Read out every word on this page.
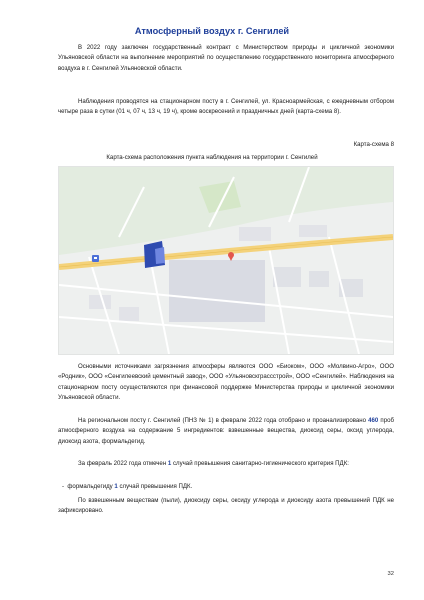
Атмосферный воздух г. Сенгилей

В 2022 году заключен государственный контракт с Министерством природы и цикличной экономики Ульяновской области на выполнение мероприятий по осуществлению государственного мониторинга атмосферного воздуха в г. Сенгилей Ульяновской области.

Наблюдения проводятся на стационарном посту в г. Сенгилей, ул. Красноармейская, с ежедневным отбором четыре раза в сутки (01 ч, 07 ч, 13 ч, 19 ч), кроме воскресений и праздничных дней (карта-схема 8).

Карта-схема 8
Карта-схема расположения пункта наблюдения на территории г. Сенгилей

Основными источниками загрязнения атмосферы являются ООО «Биоком», ООО «Молвино-Агро», ООО «Родник», ООО «Сенгилеевский цементный завод», ООО «Ульяновскграссстрой», ООО «Сенгилей». Наблюдения на стационарном посту осуществляются при финансовой поддержке Министерства природы и цикличной экономики Ульяновской области.

На региональном посту г. Сенгилей (ПНЗ № 1) в феврале 2022 года отобрано и проанализировано 460 проб атмосферного воздуха на содержание 5 ингредиентов: взвешенные вещества, диоксид серы, оксид углерода, диоксид азота, формальдегид.

За февраль 2022 года отмечен 1 случай превышения санитарно-гигиенического критерия ПДК:

- формальдегиду 1 случай превышения ПДК.

По взвешенным веществам (пыли), диоксиду серы, оксиду углерода и диоксиду азота превышений ПДК не зафиксировано.

32
